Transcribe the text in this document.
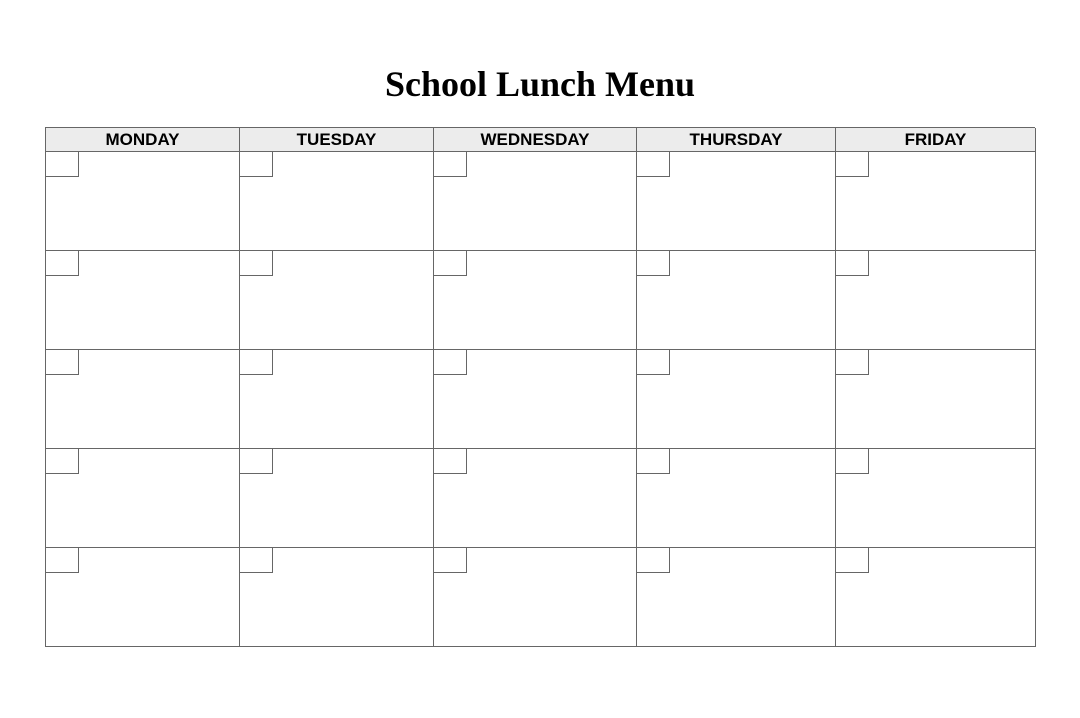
School Lunch Menu
MONDAY	TUESDAY	WEDNESDAY	THURSDAY	FRIDAY
